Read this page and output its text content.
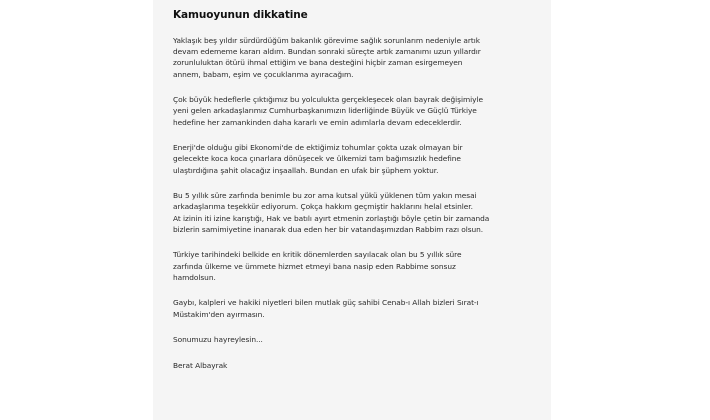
Kamuoyunun dikkatine
Yaklaşık beş yıldır sürdürdüğüm bakanlık görevime sağlık sorunlarım nedeniyle artık
devam edememe kararı aldım. Bundan sonraki süreçte artık zamanımı uzun yıllardır
zorunluluktan ötürü ihmal ettiğim ve bana desteğini hiçbir zaman esirgemeyen
annem, babam, eşim ve çocuklarıma ayıracağım.
Çok büyük hedeflerle çıktığımız bu yolculukta gerçekleşecek olan bayrak değişimiyle
yeni gelen arkadaşlarımız Cumhurbaşkanımızın liderliğinde Büyük ve Güçlü Türkiye
hedefine her zamankinden daha kararlı ve emin adımlarla devam edeceklerdir.
Enerji'de olduğu gibi Ekonomi'de de ektiğimiz tohumlar çokta uzak olmayan bir
gelecekte koca koca çınarlara dönüşecek ve ülkemizi tam bağımsızlık hedefine
ulaştırdığına şahit olacağız inşaallah. Bundan en ufak bir şüphem yoktur.
Bu 5 yıllık süre zarfında benimle bu zor ama kutsal yükü yüklenen tüm yakın mesai
arkadaşlarıma teşekkür ediyorum. Çokça hakkım geçmiştir haklarını helal etsinler.
At izinin iti izine karıştığı, Hak ve batılı ayırt etmenin zorlaştığı böyle çetin bir zamanda
bizlerin samimiyetine inanarak dua eden her bir vatandaşımızdan Rabbim razı olsun.
Türkiye tarihindeki belkide en kritik dönemlerden sayılacak olan bu 5 yıllık süre
zarfında ülkeme ve ümmete hizmet etmeyi bana nasip eden Rabbime sonsuz
hamdolsun.
Gaybı, kalpleri ve hakiki niyetleri bilen mutlak güç sahibi Cenab-ı Allah bizleri Sırat-ı
Müstakim'den ayırmasın.
Sonumuzu hayreylesin...
Berat Albayrak
